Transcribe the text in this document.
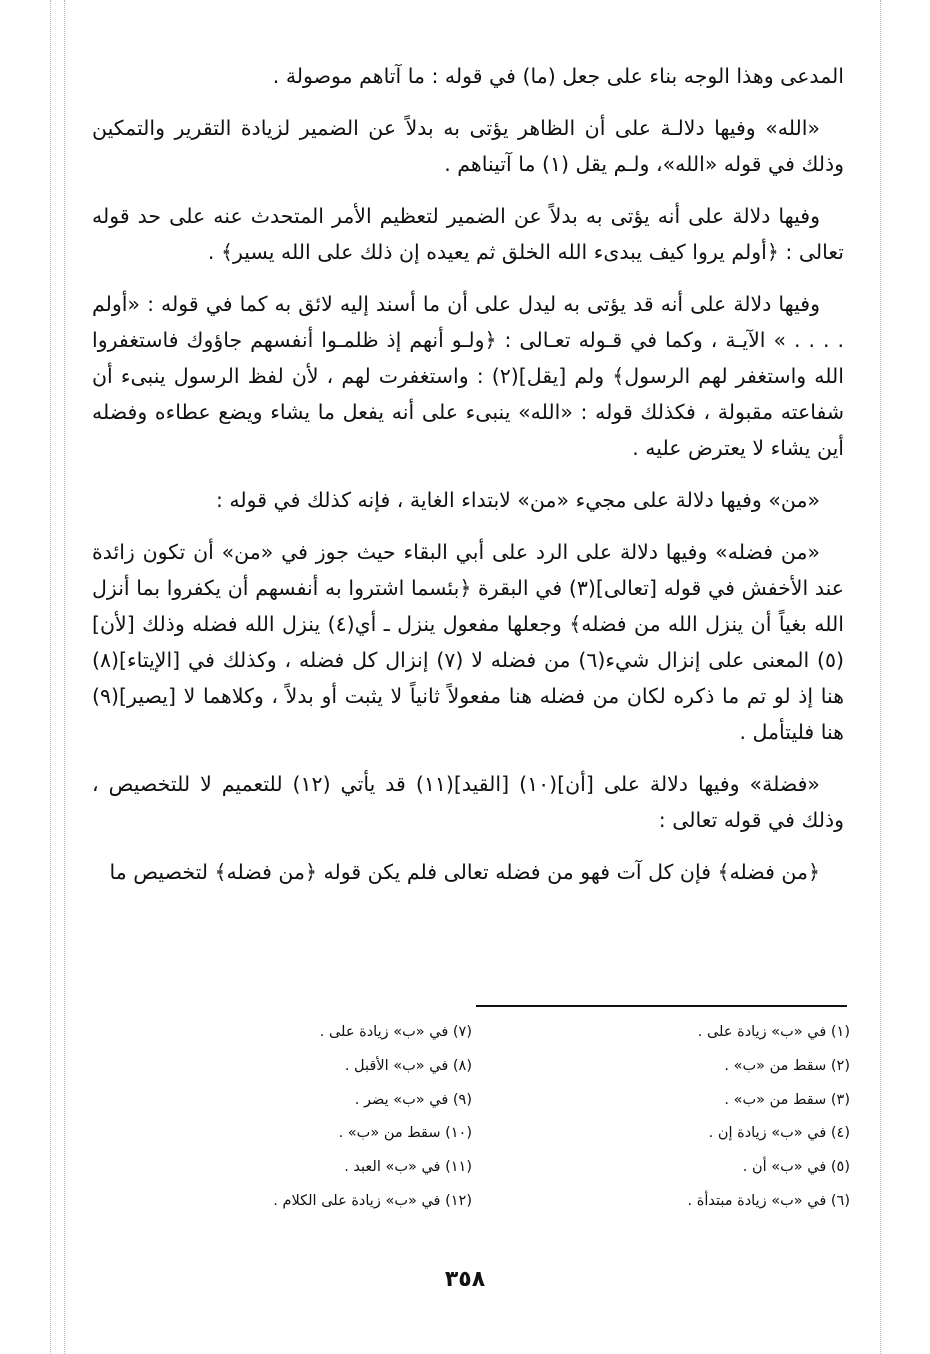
المدعى وهذا الوجه بناء على جعل (ما) في قوله : ما آتاهم موصولة .

«الله» وفيها دلالـة على أن الظاهر يؤتى به بدلاً عن الضمير لزيادة التقرير والتمكين وذلك في قوله «الله»، ولـم يقل (١) ما آتيناهم .

وفيها دلالة على أنه يؤتى به بدلاً عن الضمير لتعظيم الأمر المتحدث عنه على حد قوله تعالى : ﴿أولم يروا كيف يبدىء الله الخلق ثم يعيده إن ذلك على الله يسير﴾ .

وفيها دلالة على أنه قد يؤتى به ليدل على أن ما أسند إليه لائق به كما في قوله : «أولم . . . . » الآيـة ، وكما في قـوله تعـالى : ﴿ولـو أنهم إذ ظلمـوا أنفسهم جاؤوك فاستغفروا الله واستغفر لهم الرسول﴾ ولم [يقل](٢) : واستغفرت لهم ، لأن لفظ الرسول ينبىء أن شفاعته مقبولة ، فكذلك قوله : «الله» ينبىء على أنه يفعل ما يشاء ويضع عطاءه وفضله أين يشاء لا يعترض عليه .

«من» وفيها دلالة على مجيء «من» لابتداء الغاية ، فإنه كذلك في قوله :

«من فضله» وفيها دلالة على الرد على أبي البقاء حيث جوز في «من» أن تكون زائدة عند الأخفش في قوله [تعالى](٣) في البقرة ﴿بئسما اشتروا به أنفسهم أن يكفروا بما أنزل الله بغياً أن ينزل الله من فضله﴾ وجعلها مفعول ينزل ـ أي(٤) ينزل الله فضله وذلك [لأن](٥) المعنى على إنزال شيء(٦) من فضله لا (٧) إنزال كل فضله ، وكذلك في [الإيتاء](٨) هنا إذ لو تم ما ذكره لكان من فضله هنا مفعولاً ثانياً لا يثبت أو بدلاً ، وكلاهما لا [يصير](٩) هنا فليتأمل .

«فضلة» وفيها دلالة على [أن](١٠) [القيد](١١) قد يأتي (١٢) للتعميم لا للتخصيص ، وذلك في قوله تعالى :

﴿من فضله﴾ فإن كل آت فهو من فضله تعالى فلم يكن قوله ﴿من فضله﴾ لتخصيص ما

(١) في «ب» زيادة على .
(٢) سقط من «ب» .
(٣) سقط من «ب» .
(٤) في «ب» زيادة إن .
(٥) في «ب» أن .
(٦) في «ب» زيادة مبتدأة .
(٧) في «ب» زيادة على .
(٨) في «ب» الأقبل .
(٩) في «ب» يضر .
(١٠) سقط من «ب» .
(١١) في «ب» العبد .
(١٢) في «ب» زيادة على الكلام .
٣٥٨
